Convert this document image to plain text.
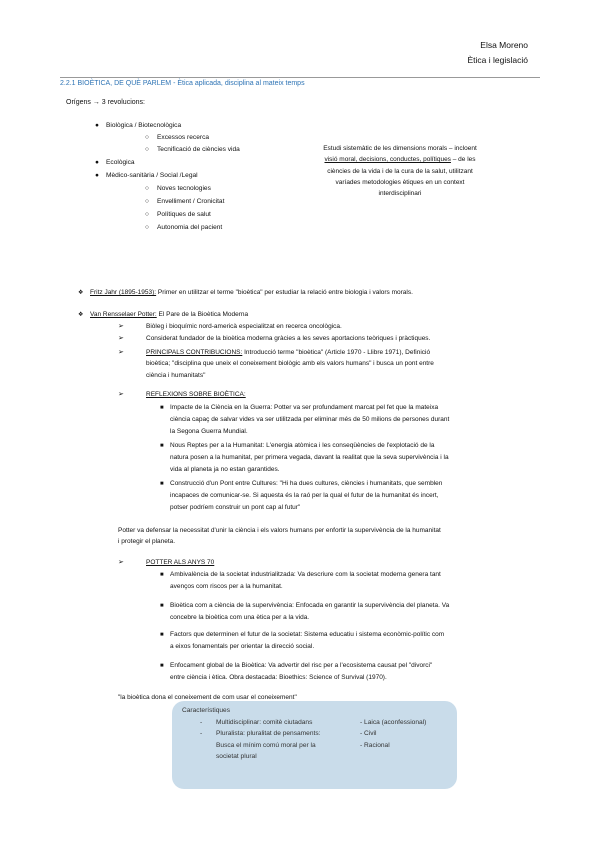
Elsa Moreno
Ètica i legislació
2.2.1 BIOÈTICA, DE QUÈ PARLEM - Ètica aplicada, disciplina al mateix temps
Orígens → 3 revolucions:
● Biològica / Biotecnològica
○ Excessos recerca
○ Tecnificació de ciències vida
● Ecològica
● Mèdico-sanitària / Social /Legal
○ Noves tecnologies
○ Envelliment / Cronicitat
○ Polítiques de salut
○ Autonomia del pacient
Estudi sistemàtic de les dimensions morals – incloent
visió moral, decisions, conductes, polítiques – de les
ciències de la vida i de la cura de la salut, utilitzant
varíades metodologies ètiques en un context
interdisciplinari
❖ Fritz Jahr (1895-1953): Primer en utilitzar el terme "bioètica" per estudiar la relació entre biologia i valors morals.
❖ Van Rensselaer Potter: El Pare de la Bioètica Moderna
➢	Biòleg i bioquímic nord-americà especialitzat en recerca oncològica.
➢	Considerat fundador de la bioètica moderna gràcies a les seves aportacions teòriques i pràctiques.
➢	PRINCIPALS CONTRIBUCIONS: Introducció terme "bioètica" (Article 1970 - Llibre 1971), Definició
bioètica; "disciplina que uneix el coneixement biològic amb els valors humans" i busca un pont entre
ciència i humanitats"
➢	REFLEXIONS SOBRE BIOÈTICA:
■ Impacte de la Ciència en la Guerra: Potter va ser profundament marcat pel fet que la mateixa
ciència capaç de salvar vides va ser utilitzada per eliminar més de 50 milions de persones durant
la Segona Guerra Mundial.
■ Nous Reptes per a la Humanitat: L'energia atòmica i les conseqüències de l'explotació de la
natura posen a la humanitat, per primera vegada, davant la realitat que la seva supervivència i la
vida al planeta ja no estan garantides.
■ Construcció d'un Pont entre Cultures: "Hi ha dues cultures, ciències i humanitats, que semblen
incapaces de comunicar-se. Si aquesta és la raó per la qual el futur de la humanitat és incert,
potser podríem construir un pont cap al futur"
Potter va defensar la necessitat d'unir la ciència i els valors humans per enfortir la supervivència de la humanitat
i protegir el planeta.
➢	POTTER ALS ANYS 70
■ Ambivalència de la societat industrialitzada: Va descriure com la societat moderna genera tant
avenços com riscos per a la humanitat.
■ Bioètica com a ciència de la supervivència: Enfocada en garantir la supervivència del planeta. Va
concebre la bioètica com una ètica per a la vida.
■ Factors que determinen el futur de la societat: Sistema educatiu i sistema econòmic-polític com
a eixos fonamentals per orientar la direcció social.
■ Enfocament global de la Bioètica: Va advertir del risc per a l'ecosistema causat pel "divorci"
entre ciència i ètica. Obra destacada: Bioethics: Science of Survival (1970).
"la bioètica dona el coneixement de com usar el coneixement"
Característiques
- Multidisciplinar: comitè ciutadans
- Pluralista: pluralitat de pensaments:
Busca el mínim comú moral per la
societat plural
- Laica (aconfessional)
- Civil
- Racional
